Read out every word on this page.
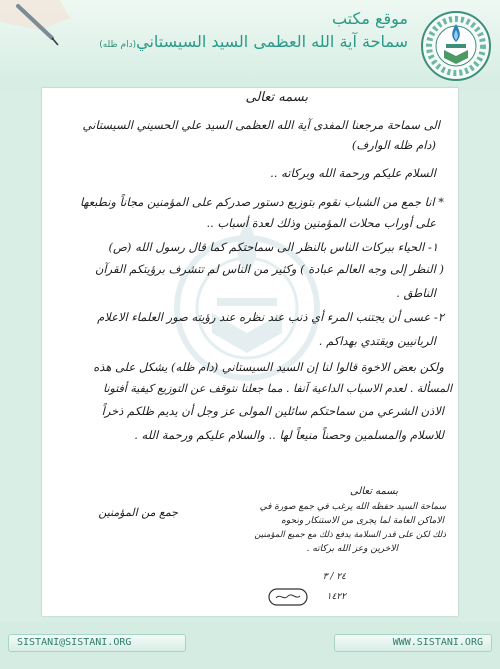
موقع مكتب
سماحة آية الله العظمى السيد السيستاني(دام ظله)
بسمه تعالى
الى سماحة مرجعنا المفدى آية الله العظمى السيد علي الحسيني السيستاني
(دام ظله الوارف)
السلام عليكم ورحمة الله وبركاته ..
* انا جمع من الشباب نقوم بتوزيع دستور صدركم على المؤمنين مجاناً ونطبعها
على أوراب محلات المؤمنين وذلك لعدة أسباب ..
١- الحياء ببركات الناس بالنظر الى سماحتكم كما قال رسول الله (ص)
( النظر إلى وجه العالم عبادة ) وكثير من الناس لم تتشرف برؤيتكم القرآن
الناطق .
٢- عسى أن يجتنب المرء أي ذنب عند نظره عند رؤيته صور العلماء الاعلام
الربانيين ويقتدي بهداكم .
ولكن بعض الاخوة قالوا لنا إن السيد السيستاني (دام ظله) يشكل على هذه
المسألة . لعدم الاسباب الداعية آنفا . مما جعلنا نتوقف عن التوزيع كيفية أفتونا
الاذن الشرعي من سماحتكم سائلين المولى عز وجل أن يديم ظلكم ذخراً
للاسلام والمسلمين وحصناً منيعاً لها .. والسلام عليكم ورحمة الله .
جمع من المؤمنين
بسمه تعالى
سماحة السيد حفظه الله يرغب في جمع صورة في
الاماكن العامة لما يجرى من الاستنكار ونحوه
ذلك لكن على قدر السلامة يدفع ذلك مع جميع المؤمنين
الاخرين وعز الله بركاته .
٢٤ / ٣
١٤٢٢
SISTANI@SISTANI.ORG	WWW.SISTANI.ORG
